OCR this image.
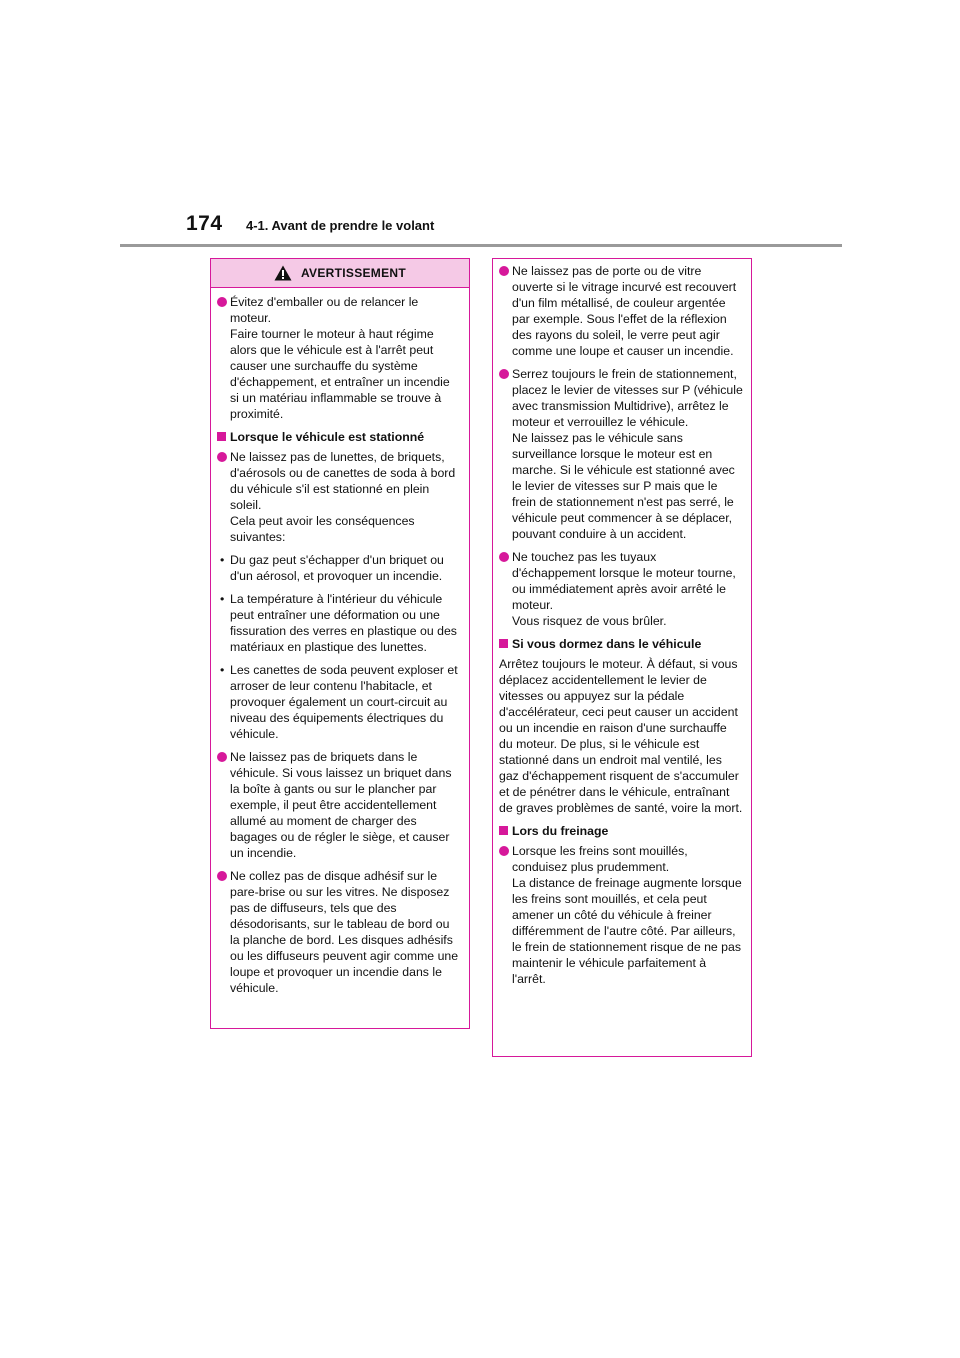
174 4-1. Avant de prendre le volant
AVERTISSEMENT

Évitez d'emballer ou de relancer le moteur.

Faire tourner le moteur à haut régime alors que le véhicule est à l'arrêt peut causer une surchauffe du système d'échappement, et entraîner un incendie si un matériau inflammable se trouve à proximité.

Lorsque le véhicule est stationné

Ne laissez pas de lunettes, de briquets, d'aérosols ou de canettes de soda à bord du véhicule s'il est stationné en plein soleil.

Cela peut avoir les conséquences suivantes:

• Du gaz peut s'échapper d'un briquet ou d'un aérosol, et provoquer un incendie.

• La température à l'intérieur du véhicule peut entraîner une déformation ou une fissuration des verres en plastique ou des matériaux en plastique des lunettes.

• Les canettes de soda peuvent exploser et arroser de leur contenu l'habitacle, et provoquer également un court-circuit au niveau des équipements électriques du véhicule.

Ne laissez pas de briquets dans le véhicule. Si vous laissez un briquet dans la boîte à gants ou sur le plancher par exemple, il peut être accidentellement allumé au moment de charger des bagages ou de régler le siège, et causer un incendie.

Ne collez pas de disque adhésif sur le pare-brise ou sur les vitres. Ne disposez pas de diffuseurs, tels que des désodorisants, sur le tableau de bord ou la planche de bord. Les disques adhésifs ou les diffuseurs peuvent agir comme une loupe et provoquer un incendie dans le véhicule.

Ne laissez pas de porte ou de vitre ouverte si le vitrage incurvé est recouvert d'un film métallisé, de couleur argentée par exemple. Sous l'effet de la réflexion des rayons du soleil, le verre peut agir comme une loupe et causer un incendie.

Serrez toujours le frein de stationnement, placez le levier de vitesses sur P (véhicule avec transmission Multidrive), arrêtez le moteur et verrouillez le véhicule.

Ne laissez pas le véhicule sans surveillance lorsque le moteur est en marche. Si le véhicule est stationné avec le levier de vitesses sur P mais que le frein de stationnement n'est pas serré, le véhicule peut commencer à se déplacer, pouvant conduire à un accident.

Ne touchez pas les tuyaux d'échappement lorsque le moteur tourne, ou immédiatement après avoir arrêté le moteur.

Vous risquez de vous brûler.

Si vous dormez dans le véhicule

Arrêtez toujours le moteur. À défaut, si vous déplacez accidentellement le levier de vitesses ou appuyez sur la pédale d'accélérateur, ceci peut causer un accident ou un incendie en raison d'une surchauffe du moteur. De plus, si le véhicule est stationné dans un endroit mal ventilé, les gaz d'échappement risquent de s'accumuler et de pénétrer dans le véhicule, entraînant de graves problèmes de santé, voire la mort.

Lors du freinage

Lorsque les freins sont mouillés, conduisez plus prudemment.

La distance de freinage augmente lorsque les freins sont mouillés, et cela peut amener un côté du véhicule à freiner différemment de l'autre côté. Par ailleurs, le frein de stationnement risque de ne pas maintenir le véhicule parfaitement à l'arrêt.
